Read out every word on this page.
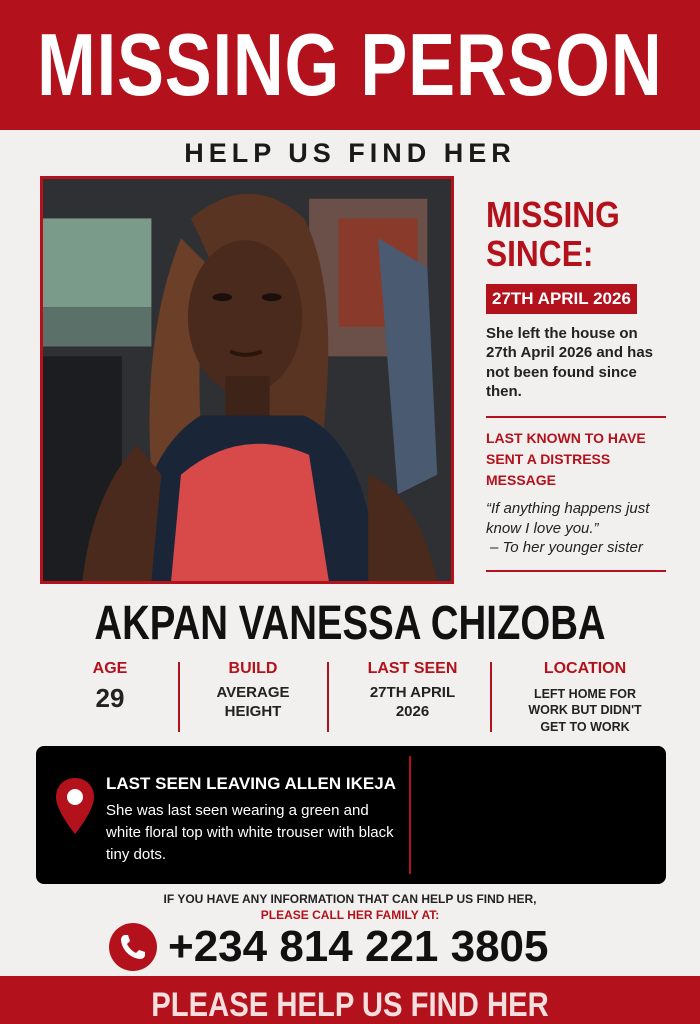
MISSING PERSON
HELP US FIND HER
MISSING
SINCE:
27TH APRIL 2026
She left the house on 27th April 2026 and has not been found since then.
LAST KNOWN TO HAVE
SENT A DISTRESS MESSAGE
“If anything happens just know I love you.”
– To her younger sister
AKPAN VANESSA CHIZOBA
AGE
29
BUILD
AVERAGE
HEIGHT
LAST SEEN
27TH APRIL
2026
LOCATION
LEFT HOME FOR
WORK BUT DIDN'T
GET TO WORK
LAST SEEN LEAVING ALLEN IKEJA
She was last seen wearing a green and white floral top with white trouser with black tiny dots.
IF YOU HAVE ANY INFORMATION THAT CAN HELP US FIND HER,
PLEASE CALL HER FAMILY AT:
+234 814 221 3805
PLEASE HELP US FIND HER
